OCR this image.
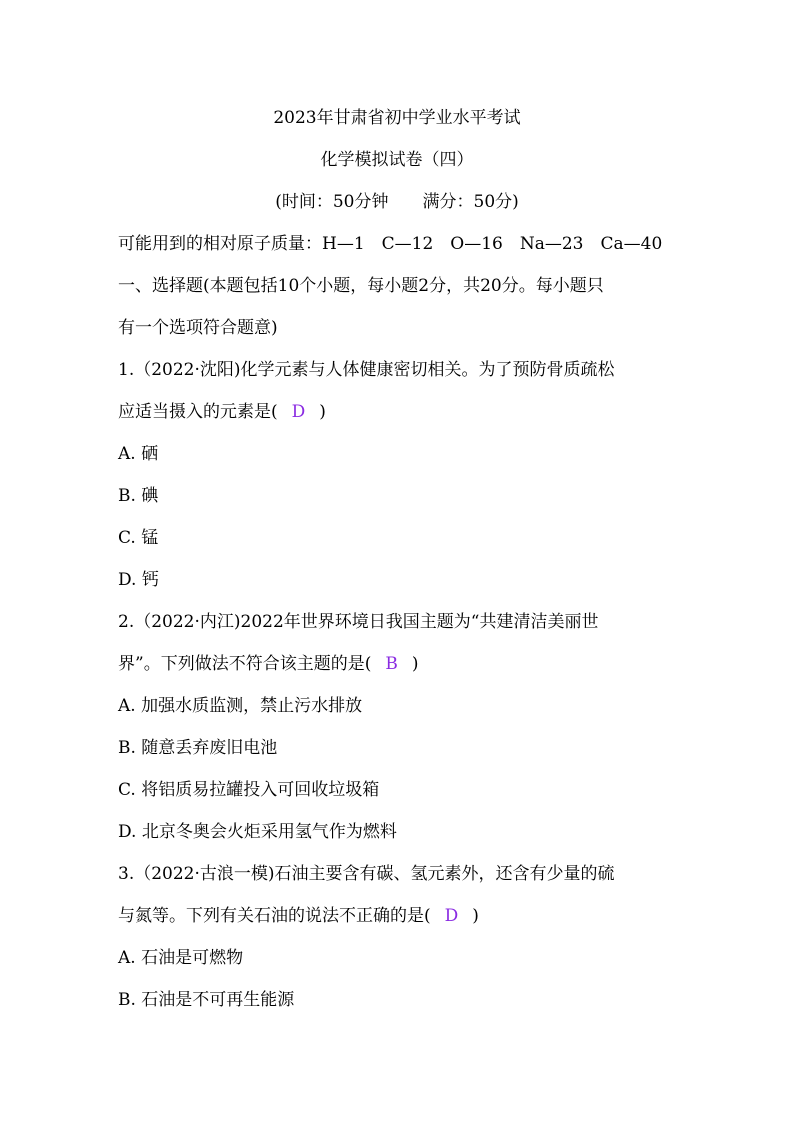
2023年甘肃省初中学业水平考试
化学模拟试卷（四）
(时间：50分钟　　满分：50分)
可能用到的相对原子质量：H—1　C—12　O—16　Na—23　Ca—40
一、选择题(本题包括10个小题，每小题2分，共20分。每小题只
有一个选项符合题意)
1.（2022·沈阳)化学元素与人体健康密切相关。为了预防骨质疏松
应适当摄入的元素是( D )
A. 硒
B. 碘
C. 锰
D. 钙
2.（2022·内江)2022年世界环境日我国主题为“共建清洁美丽世
界”。下列做法不符合该主题的是( B )
A. 加强水质监测，禁止污水排放
B. 随意丢弃废旧电池
C. 将铝质易拉罐投入可回收垃圾箱
D. 北京冬奥会火炬采用氢气作为燃料
3.（2022·古浪一模)石油主要含有碳、氢元素外，还含有少量的硫
与氮等。下列有关石油的说法不正确的是( D )
A. 石油是可燃物
B. 石油是不可再生能源
